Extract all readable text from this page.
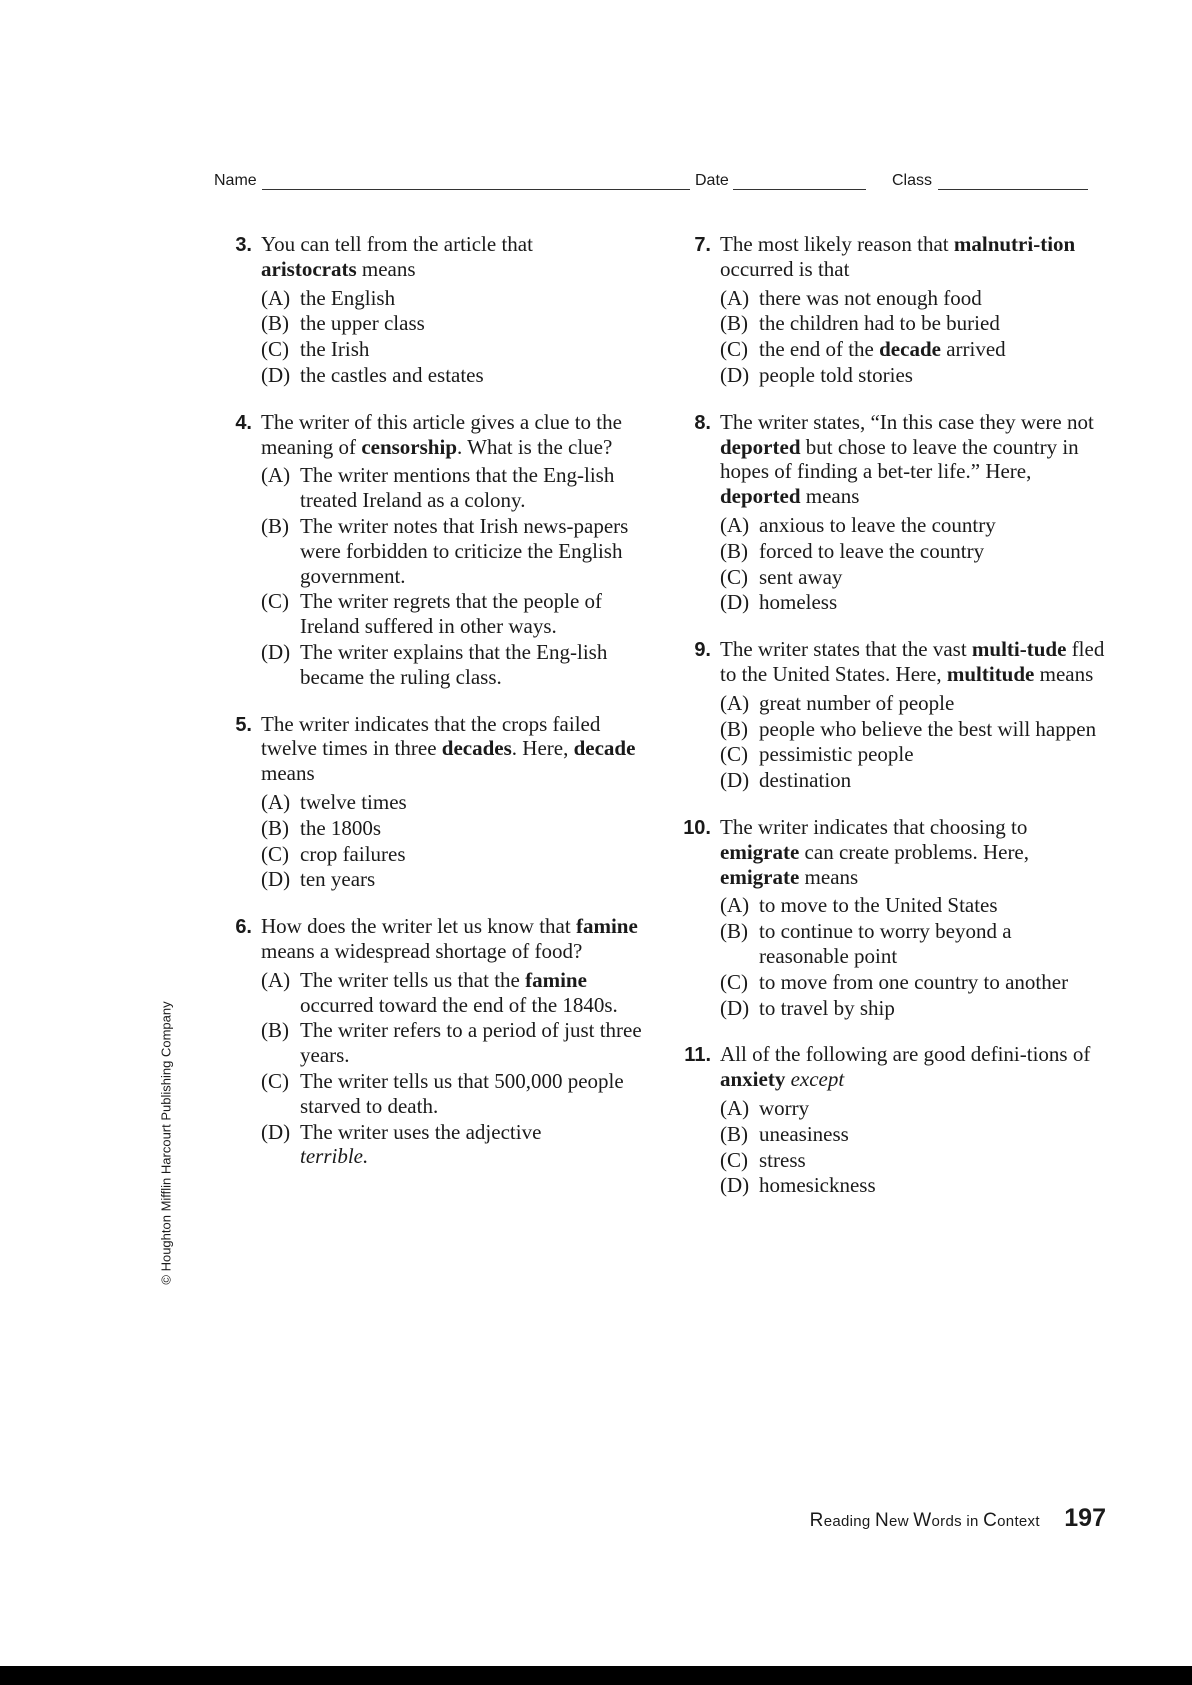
Name	Date	Class
3. You can tell from the article that
aristocrats means
(A) the English
(B) the upper class
(C) the Irish
(D) the castles and estates
4. The writer of this article gives a clue to the meaning of censorship. What is the clue?
(A) The writer mentions that the Eng-lish treated Ireland as a colony.
(B) The writer notes that Irish news-papers were forbidden to criticize the English government.
(C) The writer regrets that the people of Ireland suffered in other ways.
(D) The writer explains that the Eng-lish became the ruling class.
5. The writer indicates that the crops failed twelve times in three decades. Here, decade means
(A) twelve times
(B) the 1800s
(C) crop failures
(D) ten years
6. How does the writer let us know that famine means a widespread shortage of food?
(A) The writer tells us that the famine occurred toward the end of the 1840s.
(B) The writer refers to a period of just three years.
(C) The writer tells us that 500,000 people starved to death.
(D) The writer uses the adjective
terrible.
7. The most likely reason that malnutri-tion occurred is that
(A) there was not enough food
(B) the children had to be buried
(C) the end of the decade arrived
(D) people told stories
8. The writer states, “In this case they were not deported but chose to leave the country in hopes of finding a bet-ter life.” Here, deported means
(A) anxious to leave the country
(B) forced to leave the country
(C) sent away
(D) homeless
9. The writer states that the vast multi-tude fled to the United States. Here, multitude means
(A) great number of people
(B) people who believe the best will happen
(C) pessimistic people
(D) destination
10. The writer indicates that choosing to emigrate can create problems. Here, emigrate means
(A) to move to the United States
(B) to continue to worry beyond a reasonable point
(C) to move from one country to another
(D) to travel by ship
11. All of the following are good defini-tions of anxiety except
(A) worry
(B) uneasiness
(C) stress
(D) homesickness
© Houghton Mifflin Harcourt Publishing Company
Reading New Words in Context 197
